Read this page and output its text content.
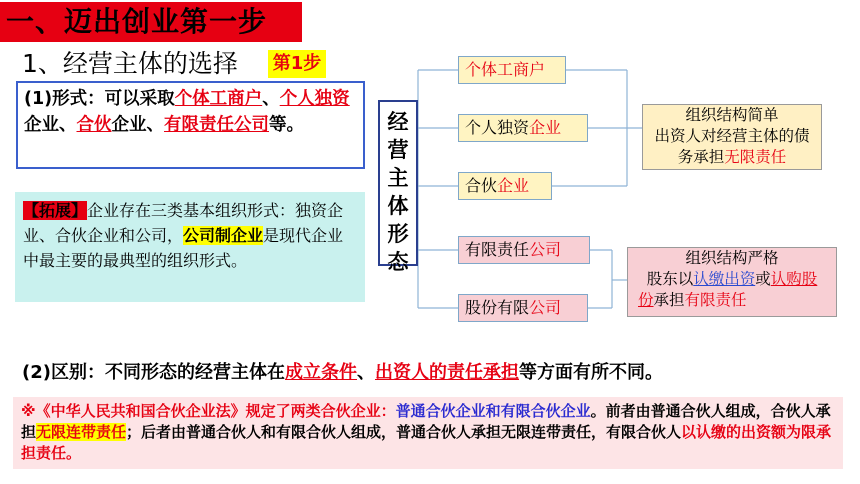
一、迈出创业第一步
1、经营主体的选择 第1步
(1)形式：可以采取个体工商户、个人独资企业、合伙企业、有限责任公司等。
【拓展】企业存在三类基本组织形式：独资企业、合伙企业和公司，公司制企业是现代企业中最主要的最典型的组织形式。
经
营
主
体
形
态
个体工商户
个人独资企业
合伙企业
有限责任公司
股份有限公司
组织结构简单
出资人对经营主体的债
务承担无限责任
组织结构严格
股东以认缴出资或认购股
份承担有限责任
(2)区别：不同形态的经营主体在成立条件、出资人的责任承担等方面有所不同。
※《中华人民共和国合伙企业法》规定了两类合伙企业：普通合伙企业和有限合伙企业。前者由普通合伙人组成，合伙人承担无限连带责任；后者由普通合伙人和有限合伙人组成，普通合伙人承担无限连带责任，有限合伙人以认缴的出资额为限承担责任。
